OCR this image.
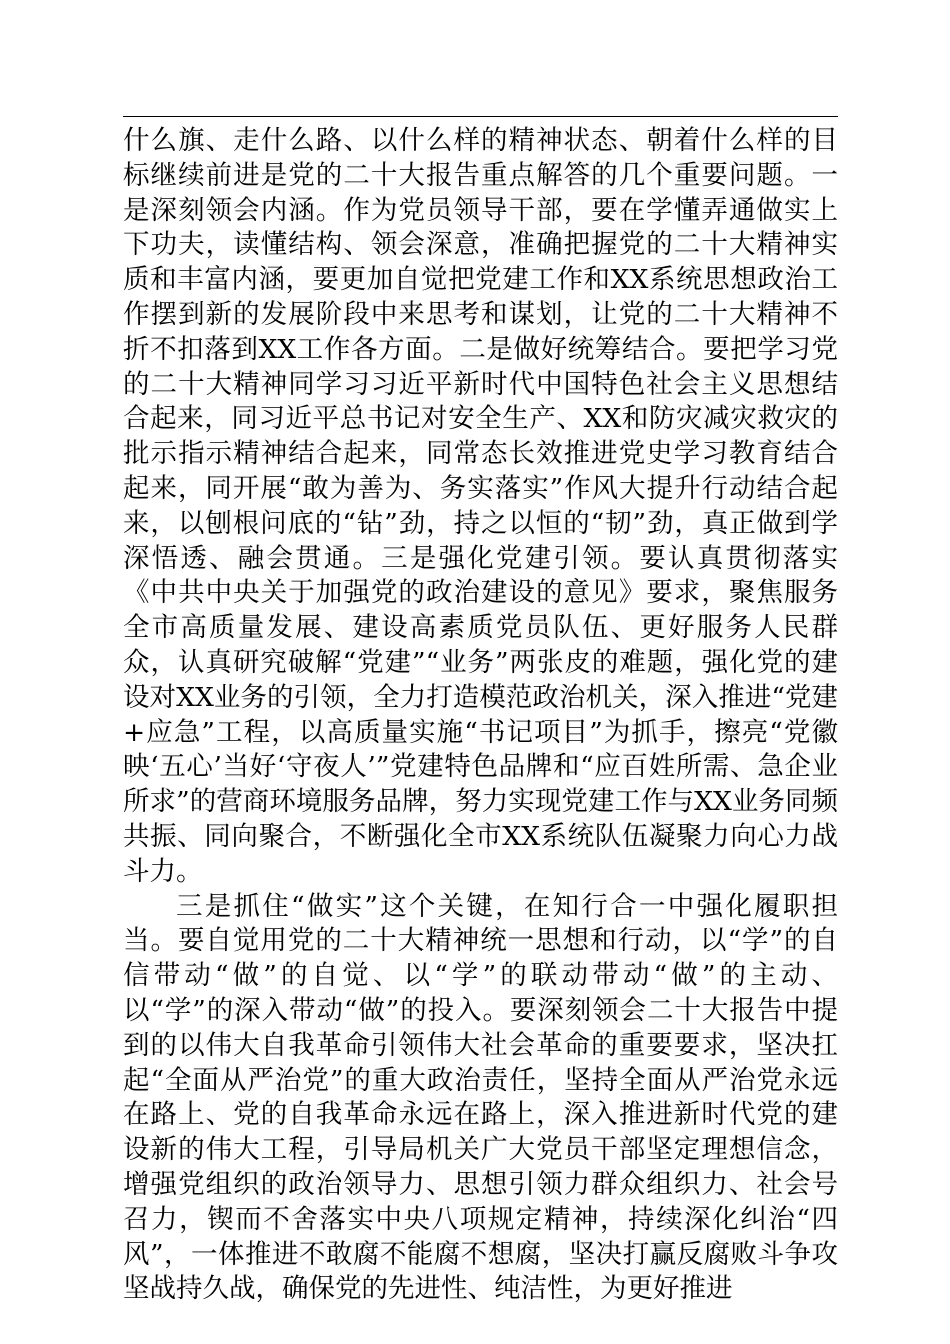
什么旗、走什么路、以什么样的精神状态、朝着什么样的目标继续前进是党的二十大报告重点解答的几个重要问题。一是深刻领会内涵。作为党员领导干部，要在学懂弄通做实上下功夫，读懂结构、领会深意，准确把握党的二十大精神实质和丰富内涵，要更加自觉把党建工作和XX系统思想政治工作摆到新的发展阶段中来思考和谋划，让党的二十大精神不折不扣落到XX工作各方面。二是做好统筹结合。要把学习党的二十大精神同学习习近平新时代中国特色社会主义思想结合起来，同习近平总书记对安全生产、XX和防灾减灾救灾的批示指示精神结合起来，同常态长效推进党史学习教育结合起来，同开展“敢为善为、务实落实”作风大提升行动结合起来，以刨根问底的“钻”劲，持之以恒的“韧”劲，真正做到学深悟透、融会贯通。三是强化党建引领。要认真贯彻落实《中共中央关于加强党的政治建设的意见》要求，聚焦服务全市高质量发展、建设高素质党员队伍、更好服务人民群众，认真研究破解“党建”“业务”两张皮的难题，强化党的建设对XX业务的引领，全力打造模范政治机关，深入推进“党建+应急”工程，以高质量实施“书记项目”为抓手，擦亮“党徽映‘五心’当好‘守夜人’”党建特色品牌和“应百姓所需、急企业所求”的营商环境服务品牌，努力实现党建工作与XX业务同频共振、同向聚合，不断强化全市XX系统队伍凝聚力向心力战斗力。

三是抓住“做实”这个关键，在知行合一中强化履职担当。要自觉用党的二十大精神统一思想和行动，以“学”的自信带动“做”的自觉、以“学”的联动带动“做”的主动、以“学”的深入带动“做”的投入。要深刻领会二十大报告中提到的以伟大自我革命引领伟大社会革命的重要要求，坚决扛起“全面从严治党”的重大政治责任，坚持全面从严治党永远在路上、党的自我革命永远在路上，深入推进新时代党的建设新的伟大工程，引导局机关广大党员干部坚定理想信念，增强党组织的政治领导力、思想引领力群众组织力、社会号召力，锲而不舍落实中央八项规定精神，持续深化纠治“四风”，一体推进不敢腐不能腐不想腐，坚决打赢反腐败斗争攻坚战持久战，确保党的先进性、纯洁性，为更好推进
